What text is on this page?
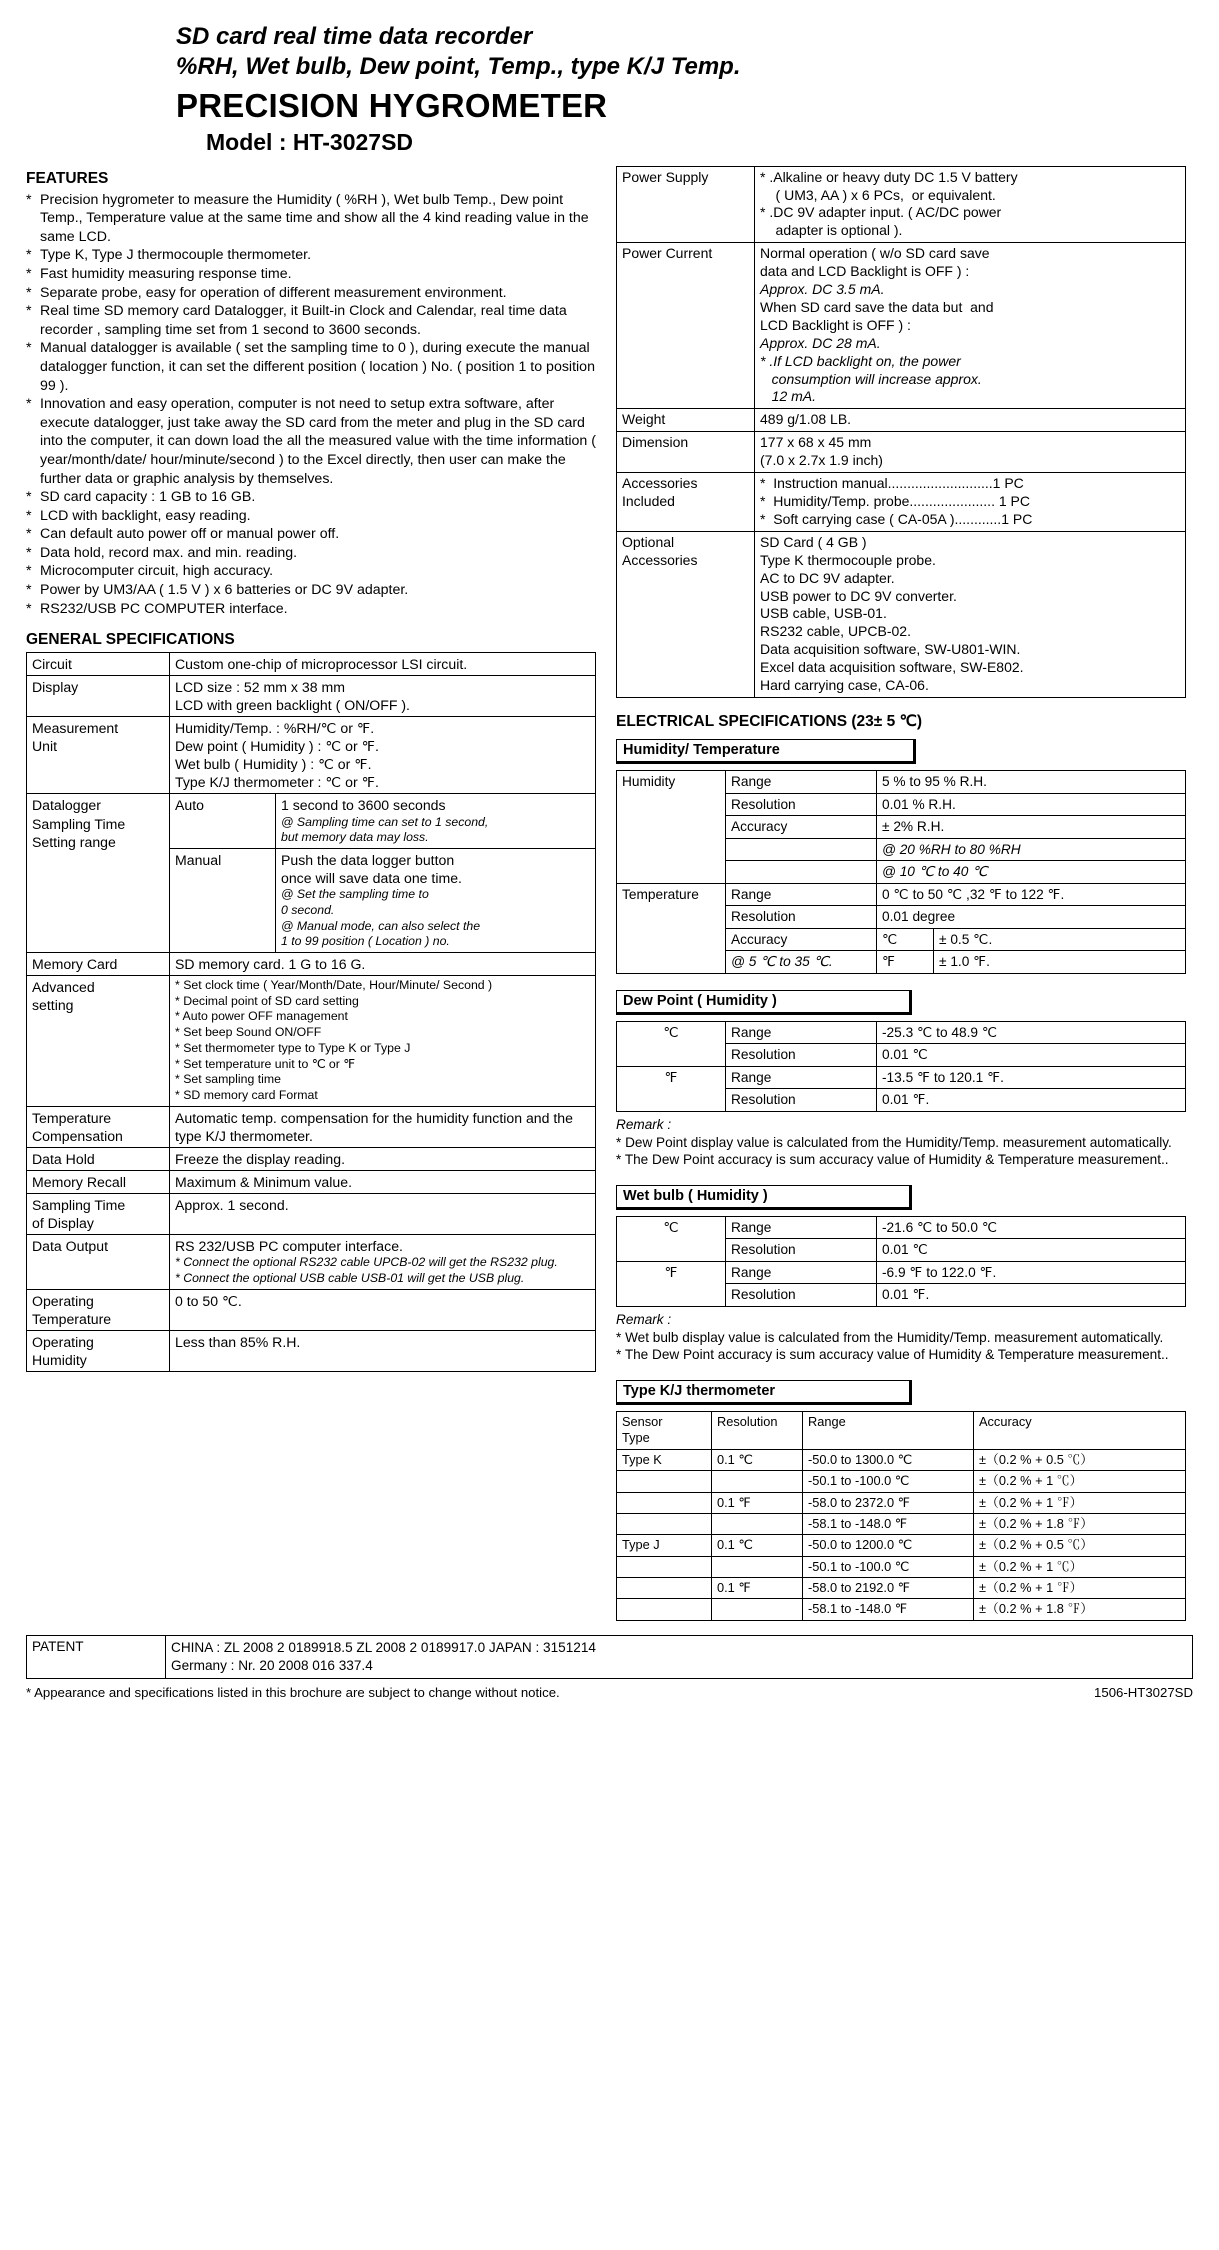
SD card real time data recorder
%RH, Wet bulb, Dew point, Temp., type K/J Temp.
PRECISION HYGROMETER
Model : HT-3027SD
FEATURES
* Precision hygrometer to measure the Humidity ( %RH ), Wet bulb Temp., Dew point Temp., Temperature value at the same time and show all the 4 kind reading value in the same LCD.
* Type K, Type J thermocouple thermometer.
* Fast humidity measuring response time.
* Separate probe, easy for operation of different measurement environment.
* Real time SD memory card Datalogger, it Built-in Clock and Calendar, real time data recorder , sampling time set from 1 second to 3600 seconds.
* Manual datalogger is available ( set the sampling time to 0 ), during execute the manual datalogger function, it can set the different position ( location ) No. ( position 1 to position 99 ).
* Innovation and easy operation, computer is not need to setup extra software, after execute datalogger, just take away the SD card from the meter and plug in the SD card into the computer, it can down load the all the measured value with the time information ( year/month/date/ hour/minute/second ) to the Excel directly, then user can make the further data or graphic analysis by themselves.
* SD card capacity : 1 GB to 16 GB.
* LCD with backlight, easy reading.
* Can default auto power off or manual power off.
* Data hold, record max. and min. reading.
* Microcomputer circuit, high accuracy.
* Power by UM3/AA ( 1.5 V ) x 6 batteries or DC 9V adapter.
* RS232/USB PC COMPUTER interface.
GENERAL SPECIFICATIONS
Circuit	Custom one-chip of microprocessor LSI circuit.	
Display	LCD size : 52 mm x 38 mm
LCD with green backlight ( ON/OFF ).	
Measurement
Unit	Humidity/Temp. : %RH/℃ or ℉.
Dew point ( Humidity ) : ℃ or ℉.
Wet bulb ( Humidity ) : ℃ or ℉.
Type K/J thermometer : ℃ or ℉.	
Datalogger
Sampling Time
Setting range	Auto	1 second to 3600 seconds
@ Sampling time can set to 1 second,
but memory data may loss.

Manual	Push the data logger button
once will save data one time.
@ Set the sampling time to
0 second.
@ Manual mode, can also select the
1 to 99 position ( Location ) no.

Memory Card	SD memory card. 1 G to 16 G.	
Advanced
setting	
* Set clock time ( Year/Month/Date, Hour/Minute/ Second )
* Decimal point of SD card setting
* Auto power OFF management
* Set beep Sound ON/OFF
* Set thermometer type to Type K or Type J
* Set temperature unit to ℃ or ℉
* Set sampling time
* SD memory card Format

Temperature
Compensation	Automatic temp. compensation for the humidity function and the type K/J thermometer.	
Data Hold	Freeze the display reading.	
Memory Recall	Maximum & Minimum value.	
Sampling Time
of Display	Approx. 1 second.	
Data Output	RS 232/USB PC computer interface.
* Connect the optional RS232 cable UPCB-02 will get the RS232 plug.
* Connect the optional USB cable USB-01 will get the USB plug.	

Operating
Temperature	0 to 50 ℃.	
Operating
Humidity	Less than 85% R.H.	
Power Supply	* .Alkaline or heavy duty DC 1.5 V battery
( UM3, AA ) x 6 PCs,  or equivalent.
* .DC 9V adapter input. ( AC/DC power
adapter is optional ).

Power Current	Normal operation ( w/o SD card save
data and LCD Backlight is OFF ) :
Approx. DC 3.5 mA.
When SD card save the data but  and
LCD Backlight is OFF ) :
Approx. DC 28 mA.
* .If LCD backlight on, the power
consumption will increase approx.
12 mA.

Weight	489 g/1.08 LB.

Dimension	177 x 68 x 45 mm
(7.0 x 2.7x 1.9 inch)

Accessories
Included	
*  Instruction manual...........................1 PC
*  Humidity/Temp. probe...................... 1 PC
*  Soft carrying case ( CA-05A )............1 PC

Optional
Accessories	
SD Card ( 4 GB )
Type K thermocouple probe.
AC to DC 9V adapter.
USB power to DC 9V converter.
USB cable, USB-01.
RS232 cable, UPCB-02.
Data acquisition software, SW-U801-WIN.
Excel data acquisition software, SW-E802.
Hard carrying case, CA-06.
ELECTRICAL SPECIFICATIONS (23± 5 ℃)
Humidity/ Temperature
Humidity	Range	5 % to 95 % R.H.	
	Resolution	0.01 % R.H.	
	Accuracy	± 2% R.H.	
		@ 20 %RH to 80 %RH	
		@ 10 ℃ to 40 ℃	
Temperature	Range	0 ℃ to 50 ℃ ,32 ℉ to 122 ℉.	
	Resolution	0.01 degree	
	Accuracy	℃	± 0.5 ℃.
	@ 5 ℃ to 35 ℃.	℉	± 1.0 ℉.
Dew Point ( Humidity )
℃	Range	-25.3 ℃ to 48.9 ℃
	Resolution	0.01 ℃
℉	Range	-13.5 ℉ to 120.1 ℉.
	Resolution	0.01 ℉.
Remark :
* Dew Point display value is calculated from the Humidity/Temp. measurement automatically.
* The Dew Point accuracy is sum accuracy value of Humidity & Temperature measurement..
Wet bulb ( Humidity )
℃	Range	-21.6 ℃ to 50.0 ℃
	Resolution	0.01 ℃
℉	Range	-6.9 ℉ to 122.0 ℉.
	Resolution	0.01 ℉.
Remark :
* Wet bulb display value is calculated from the Humidity/Temp. measurement automatically.
* The Dew Point accuracy is sum accuracy value of Humidity & Temperature measurement..
Type K/J thermometer
Sensor
Type	Resolution	Range	Accuracy
Type K	0.1 ℃	-50.0 to 1300.0 ℃	±（0.2 % + 0.5 ℃）
		-50.1 to -100.0 ℃	±（0.2 % + 1 ℃）
	0.1 ℉	-58.0 to 2372.0 ℉	±（0.2 % + 1 ℉）
		-58.1 to -148.0 ℉	±（0.2 % + 1.8 ℉）
Type J	0.1 ℃	-50.0 to 1200.0 ℃	±（0.2 % + 0.5 ℃）
		-50.1 to -100.0 ℃	±（0.2 % + 1 ℃）
	0.1 ℉	-58.0 to 2192.0 ℉	±（0.2 % + 1 ℉）
		-58.1 to -148.0 ℉	±（0.2 % + 1.8 ℉）
PATENT	CHINA : ZL 2008 2 0189918.5 ZL 2008 2 0189917.0 JAPAN : 3151214
Germany : Nr. 20 2008 016 337.4
* Appearance and specifications listed in this brochure are subject to change without notice.	1506-HT3027SD
